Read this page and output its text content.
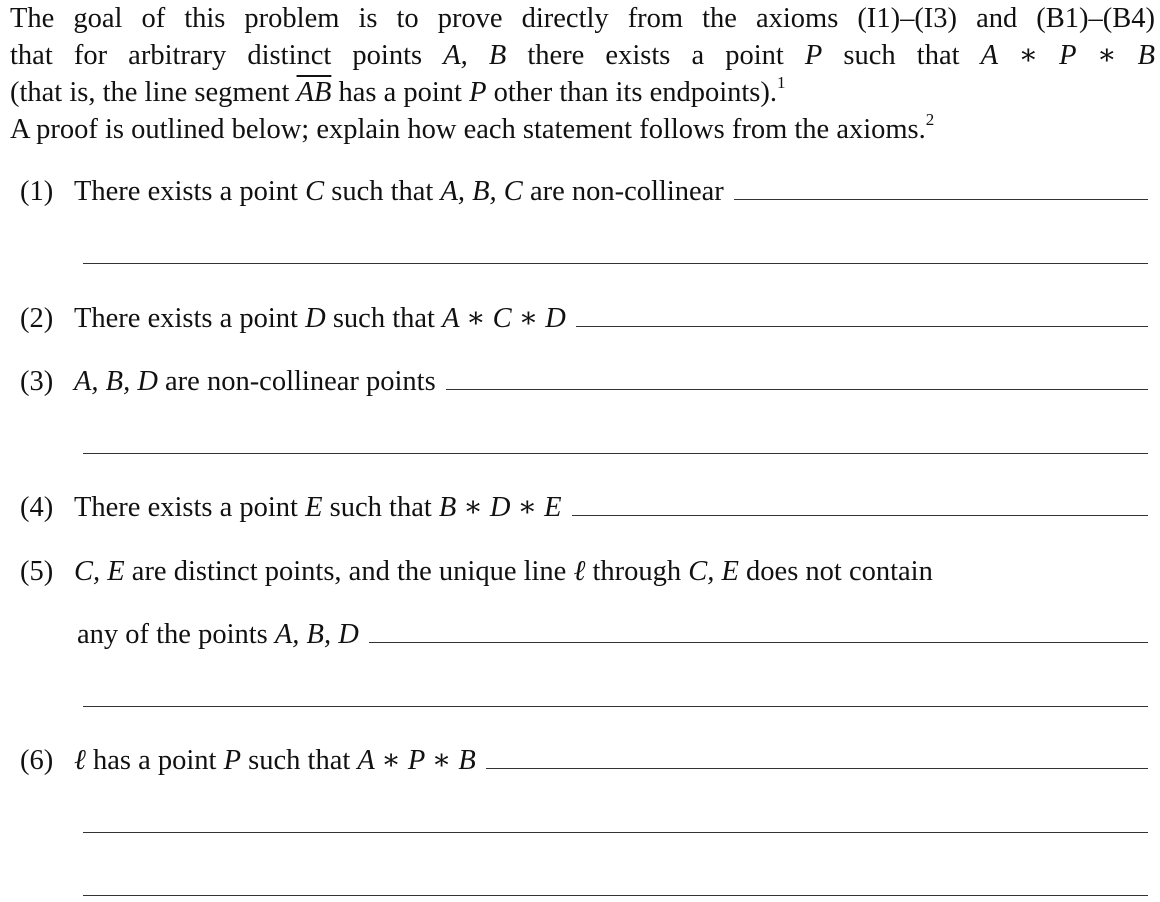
The goal of this problem is to prove directly from the axioms (I1)–(I3) and (B1)–(B4)
that for arbitrary distinct points A, B there exists a point P such that A ∗ P ∗ B
(that is, the line segment $\overline{AB}$ has a point P other than its endpoints).$^1$
A proof is outlined below; explain how each statement follows from the axioms.$^2$
(1) There exists a point C such that A, B, C are non-collinear
(2) There exists a point D such that A ∗ C ∗ D
(3) A, B, D are non-collinear points
(4) There exists a point E such that B ∗ D ∗ E
(5) C, E are distinct points, and the unique line ℓ through C, E does not contain
any of the points A, B, D
(6) ℓ has a point P such that A ∗ P ∗ B
